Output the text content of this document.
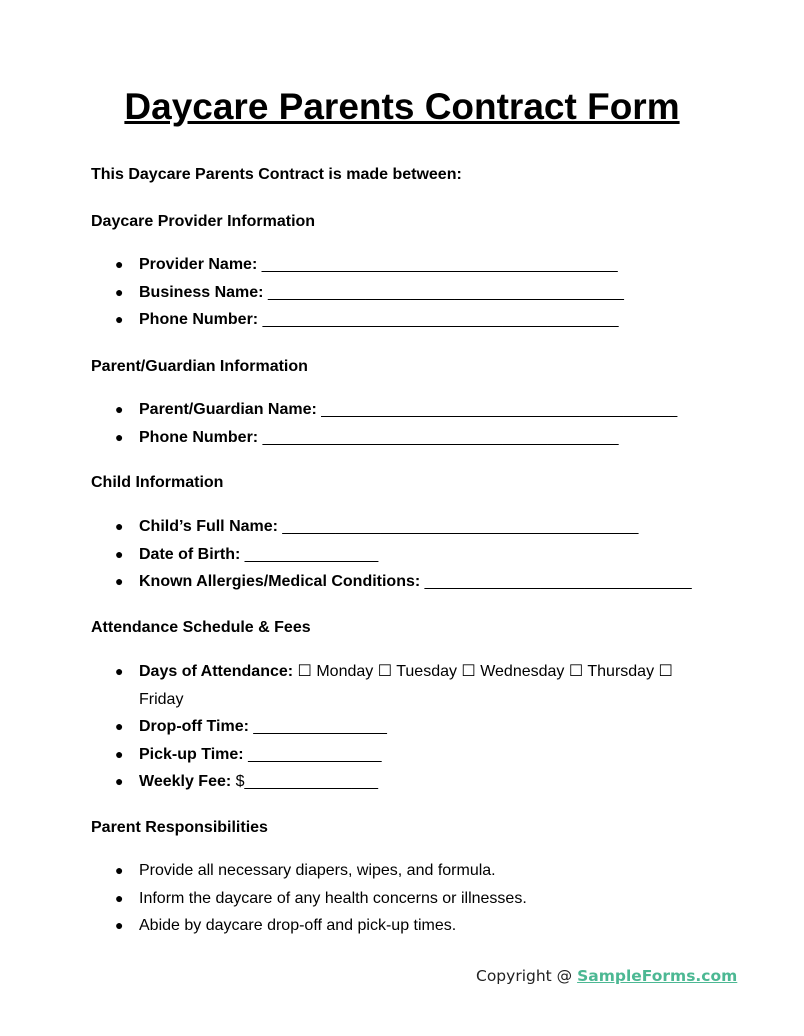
Daycare Parents Contract Form
This Daycare Parents Contract is made between:
Daycare Provider Information
● Provider Name: ________________________________________
● Business Name: ________________________________________
● Phone Number: ________________________________________
Parent/Guardian Information
● Parent/Guardian Name: ________________________________________
● Phone Number: ________________________________________
Child Information
● Child’s Full Name: ________________________________________
● Date of Birth: _______________
● Known Allergies/Medical Conditions: ______________________________
Attendance Schedule & Fees
● Days of Attendance: ☐ Monday ☐ Tuesday ☐ Wednesday ☐ Thursday ☐ Friday
● Drop-off Time: _______________
● Pick-up Time: _______________
● Weekly Fee: $_______________
Parent Responsibilities
● Provide all necessary diapers, wipes, and formula.
● Inform the daycare of any health concerns or illnesses.
● Abide by daycare drop-off and pick-up times.
Copyright @ SampleForms.com
